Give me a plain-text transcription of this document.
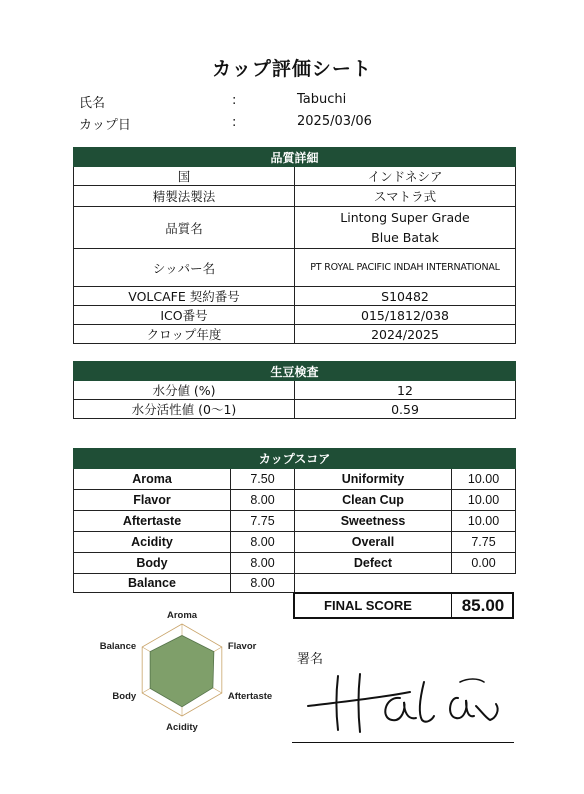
カップ評価シート
氏名	:	Tabuchi
カップ日	:	2025/03/06
品質詳細	
国	インドネシア
精製法製法	スマトラ式
品質名	Lintong Super Grade
Blue Batak

シッパー名	PT ROYAL PACIFIC INDAH INTERNATIONAL
VOLCAFE 契約番号	S10482
ICO番号	015/1812/038
クロップ年度	2024/2025
生豆検査	
水分値 (%)	12
水分活性値 (0〜1)	0.59
カップスコア			
Aroma	7.50	Uniformity	10.00
Flavor	8.00	Clean Cup	10.00
Aftertaste	7.75	Sweetness	10.00
Acidity	8.00	Overall	7.75
Body	8.00	Defect	0.00
Balance	8.00		
FINAL SCORE	85.00
Aroma
Flavor
Aftertaste
Acidity
Body
Balance
署名
